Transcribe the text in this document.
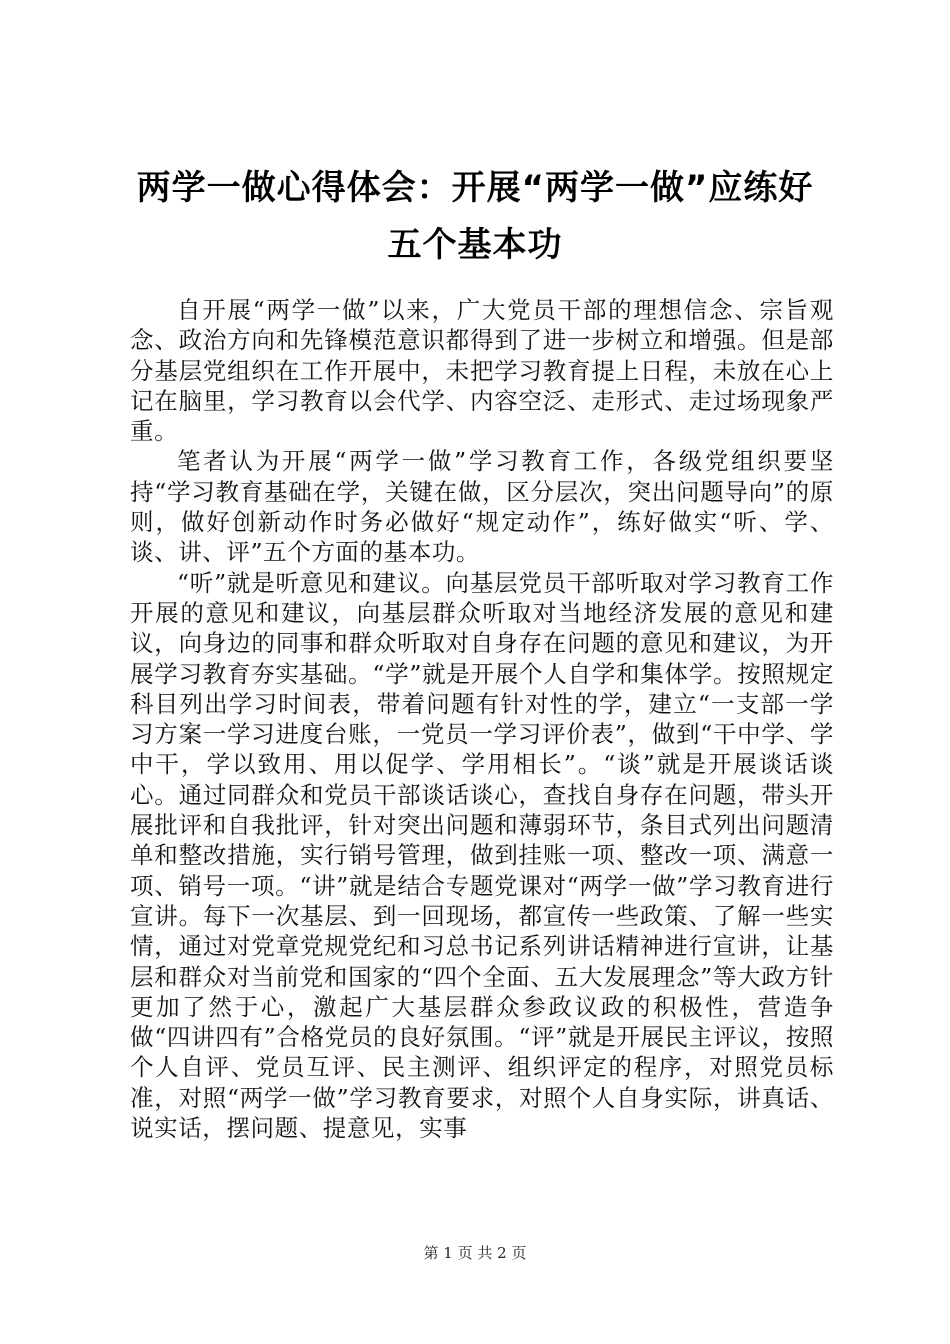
两学一做心得体会：开展“两学一做”应练好
五个基本功

自开展“两学一做”以来，广大党员干部的理想信念、宗旨观念、政治方向和先锋模范意识都得到了进一步树立和增强。但是部分基层党组织在工作开展中，未把学习教育提上日程，未放在心上记在脑里，学习教育以会代学、内容空泛、走形式、走过场现象严重。

笔者认为开展“两学一做”学习教育工作，各级党组织要坚持“学习教育基础在学，关键在做，区分层次，突出问题导向”的原则，做好创新动作时务必做好“规定动作”，练好做实“听、学、谈、讲、评”五个方面的基本功。

“听”就是听意见和建议。向基层党员干部听取对学习教育工作开展的意见和建议，向基层群众听取对当地经济发展的意见和建议，向身边的同事和群众听取对自身存在问题的意见和建议，为开展学习教育夯实基础。“学”就是开展个人自学和集体学。按照规定科目列出学习时间表，带着问题有针对性的学，建立“一支部一学习方案一学习进度台账，一党员一学习评价表”，做到“干中学、学中干，学以致用、用以促学、学用相长”。“谈”就是开展谈话谈心。通过同群众和党员干部谈话谈心，查找自身存在问题，带头开展批评和自我批评，针对突出问题和薄弱环节，条目式列出问题清单和整改措施，实行销号管理，做到挂账一项、整改一项、满意一项、销号一项。“讲”就是结合专题党课对“两学一做”学习教育进行宣讲。每下一次基层、到一回现场，都宣传一些政策、了解一些实情，通过对党章党规党纪和习总书记系列讲话精神进行宣讲，让基层和群众对当前党和国家的“四个全面、五大发展理念”等大政方针更加了然于心，激起广大基层群众参政议政的积极性，营造争做“四讲四有”合格党员的良好氛围。“评”就是开展民主评议，按照个人自评、党员互评、民主测评、组织评定的程序，对照党员标准，对照“两学一做”学习教育要求，对照个人自身实际，讲真话、说实话，摆问题、提意见，实事

第 1 页 共 2 页
